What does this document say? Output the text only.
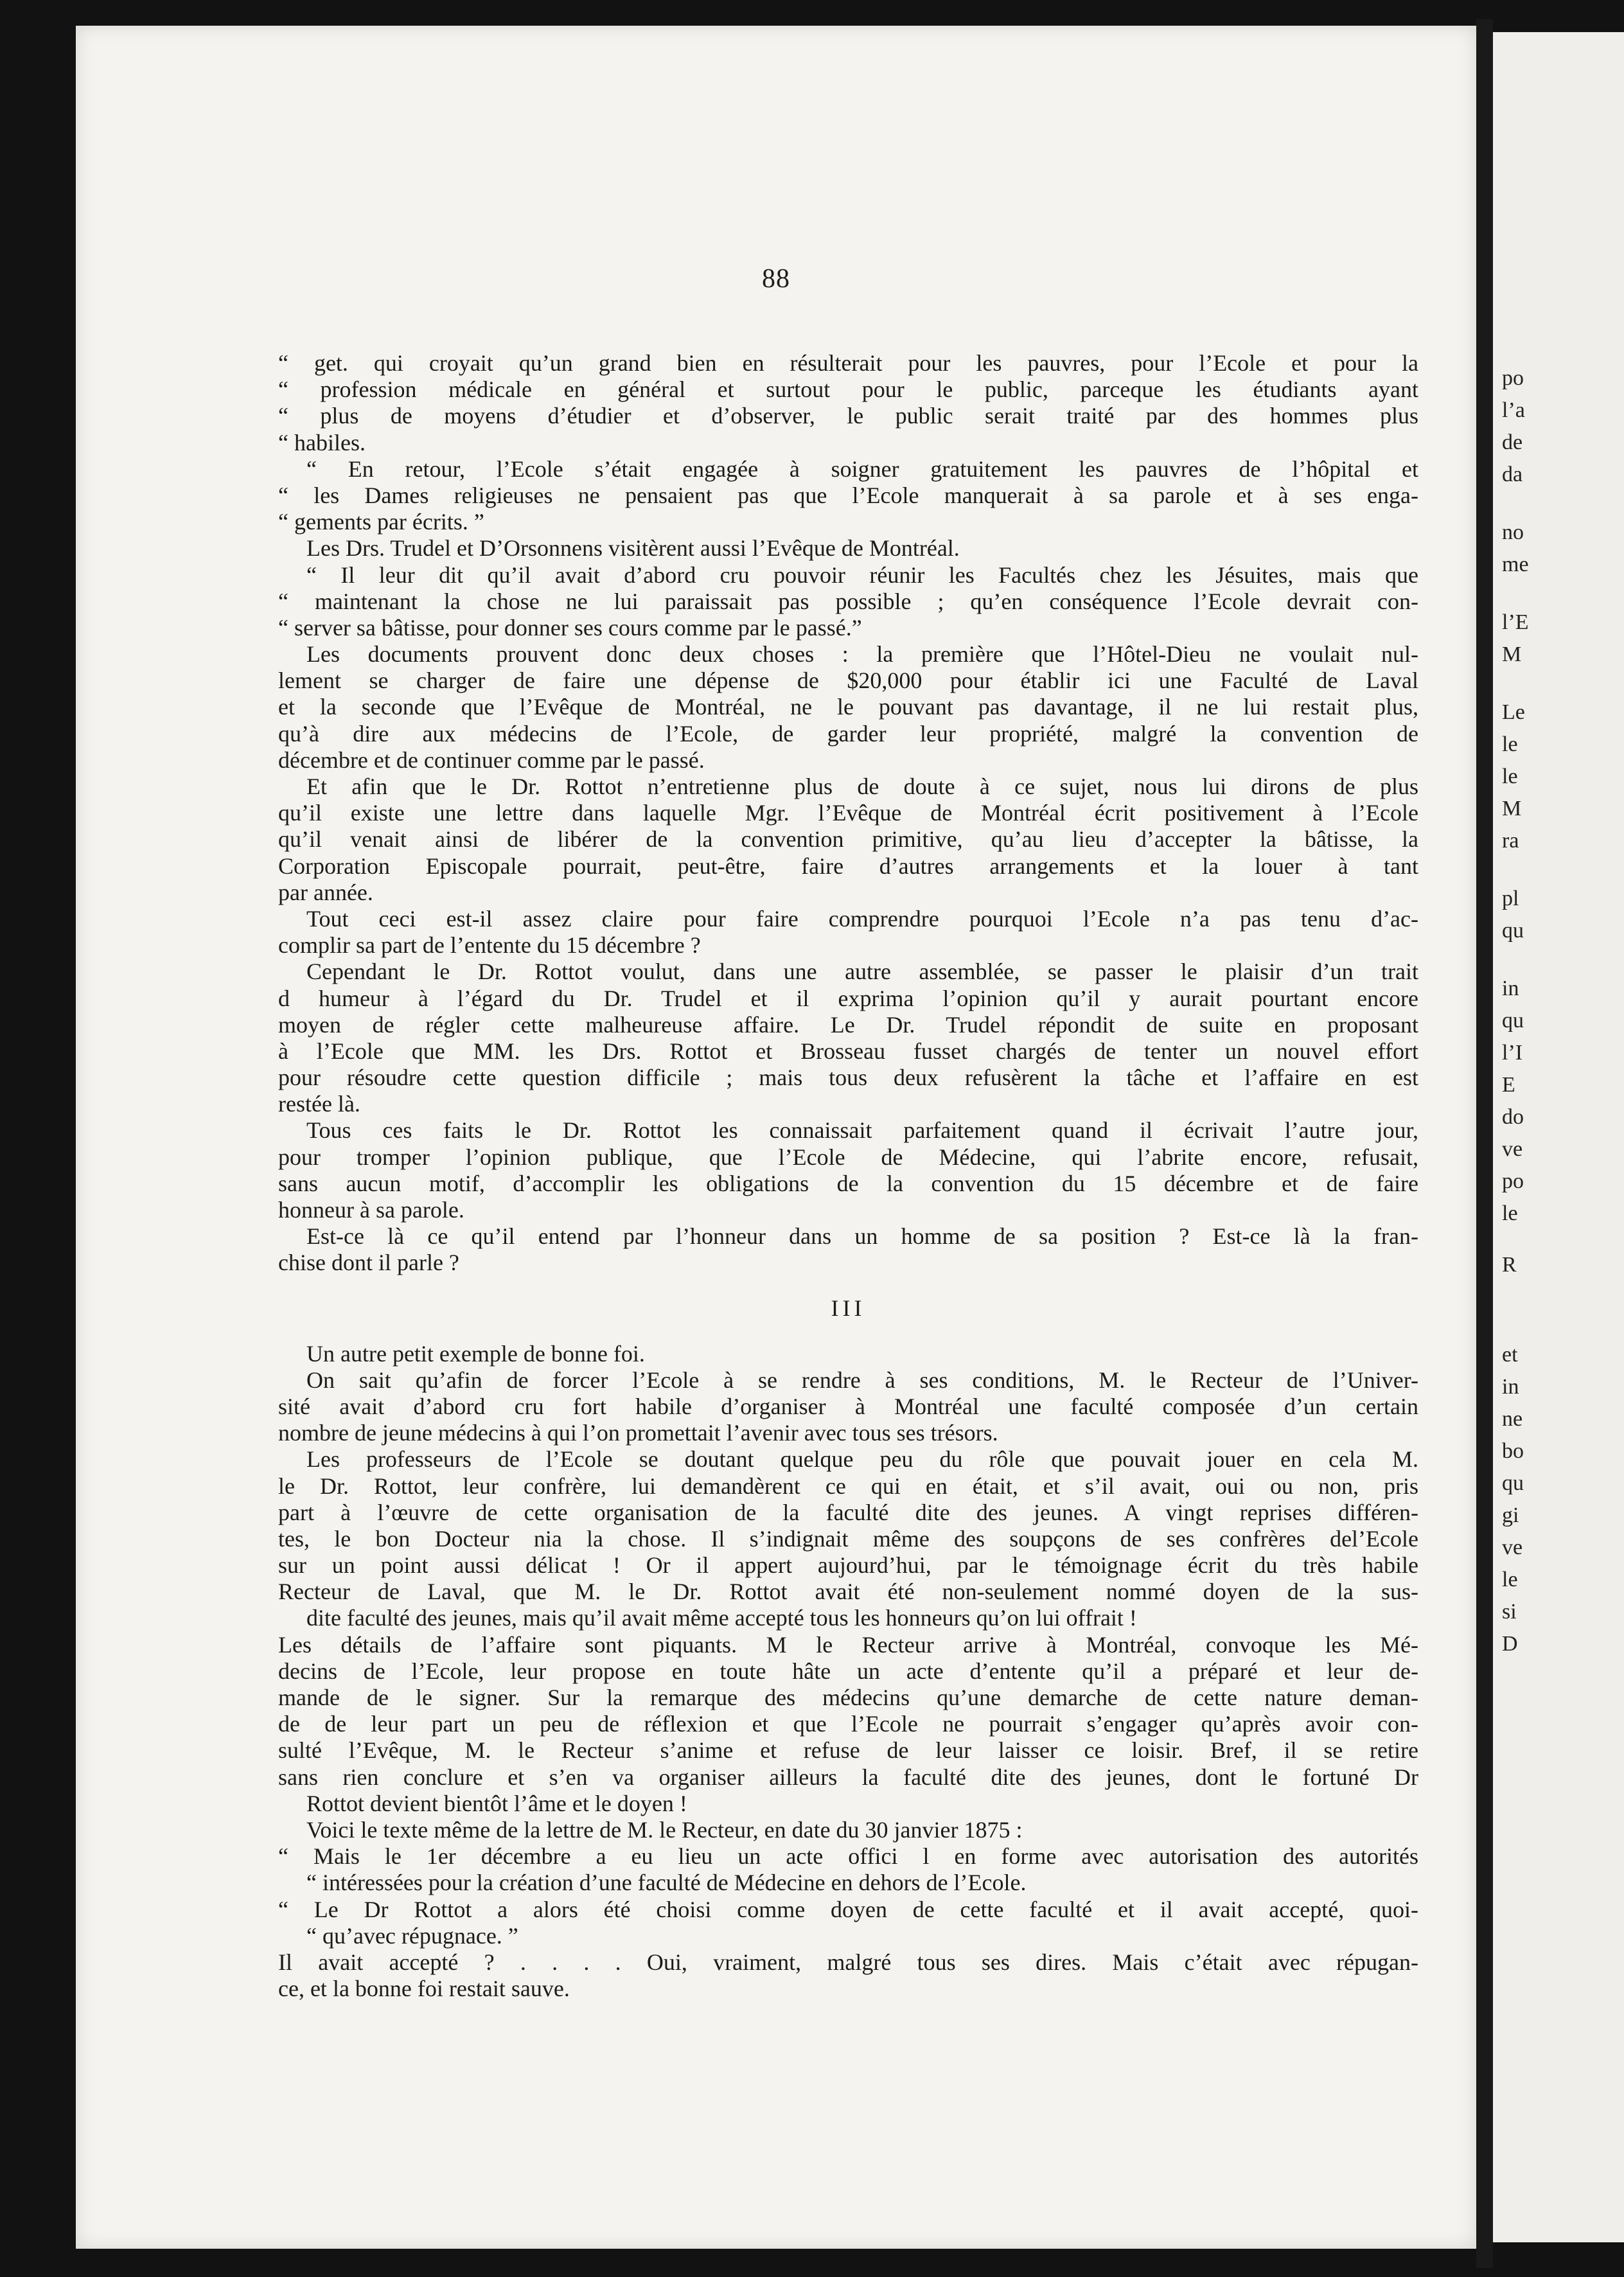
88
“ get. qui croyait qu’un grand bien en résulterait pour les pauvres, pour l’Ecole et pour la
“ profession médicale en général et surtout pour le public, parceque les étudiants ayant
“ plus de moyens d’étudier et d’observer, le public serait traité par des hommes plus
“ habiles.
“ En retour, l’Ecole s’était engagée à soigner gratuitement les pauvres de l’hôpital et
“ les Dames religieuses ne pensaient pas que l’Ecole manquerait à sa parole et à ses enga-
“ gements par écrits. ”
Les Drs. Trudel et D’Orsonnens visitèrent aussi l’Evêque de Montréal.
“ Il leur dit qu’il avait d’abord cru pouvoir réunir les Facultés chez les Jésuites, mais que
“ maintenant la chose ne lui paraissait pas possible ; qu’en conséquence l’Ecole devrait con-
“ server sa bâtisse, pour donner ses cours comme par le passé.”
Les documents prouvent donc deux choses : la première que l’Hôtel-Dieu ne voulait nul-
lement se charger de faire une dépense de $20,000 pour établir ici une Faculté de Laval
et la seconde que l’Evêque de Montréal, ne le pouvant pas davantage, il ne lui restait plus,
qu’à dire aux médecins de l’Ecole, de garder leur propriété, malgré la convention de
décembre et de continuer comme par le passé.
Et afin que le Dr. Rottot n’entretienne plus de doute à ce sujet, nous lui dirons de plus
qu’il existe une lettre dans laquelle Mgr. l’Evêque de Montréal écrit positivement à l’Ecole
qu’il venait ainsi de libérer de la convention primitive, qu’au lieu d’accepter la bâtisse, la
Corporation Episcopale pourrait, peut-être, faire d’autres arrangements et la louer à tant
par année.
Tout ceci est-il assez claire pour faire comprendre pourquoi l’Ecole n’a pas tenu d’ac-
complir sa part de l’entente du 15 décembre ?
Cependant le Dr. Rottot voulut, dans une autre assemblée, se passer le plaisir d’un trait
d humeur à l’égard du Dr. Trudel et il exprima l’opinion qu’il y aurait pourtant encore
moyen de régler cette malheureuse affaire. Le Dr. Trudel répondit de suite en proposant
à l’Ecole que MM. les Drs. Rottot et Brosseau fusset chargés de tenter un nouvel effort
pour résoudre cette question difficile ; mais tous deux refusèrent la tâche et l’affaire en est
restée là.
Tous ces faits le Dr. Rottot les connaissait parfaitement quand il écrivait l’autre jour,
pour tromper l’opinion publique, que l’Ecole de Médecine, qui l’abrite encore, refusait,
sans aucun motif, d’accomplir les obligations de la convention du 15 décembre et de faire
honneur à sa parole.
Est-ce là ce qu’il entend par l’honneur dans un homme de sa position ? Est-ce là la fran-
chise dont il parle ?
III
Un autre petit exemple de bonne foi.
On sait qu’afin de forcer l’Ecole à se rendre à ses conditions, M. le Recteur de l’Univer-
sité avait d’abord cru fort habile d’organiser à Montréal une faculté composée d’un certain
nombre de jeune médecins à qui l’on promettait l’avenir avec tous ses trésors.
Les professeurs de l’Ecole se doutant quelque peu du rôle que pouvait jouer en cela M.
le Dr. Rottot, leur confrère, lui demandèrent ce qui en était, et s’il avait, oui ou non, pris
part à l’œuvre de cette organisation de la faculté dite des jeunes. A vingt reprises différen-
tes, le bon Docteur nia la chose. Il s’indignait même des soupçons de ses confrères del’Ecole
sur un point aussi délicat ! Or il appert aujourd’hui, par le témoignage écrit du très habile
Recteur de Laval, que M. le Dr. Rottot avait été non-seulement nommé doyen de la sus-
dite faculté des jeunes, mais qu’il avait même accepté tous les honneurs qu’on lui offrait !
Les détails de l’affaire sont piquants. M le Recteur arrive à Montréal, convoque les Mé-
decins de l’Ecole, leur propose en toute hâte un acte d’entente qu’il a préparé et leur de-
mande de le signer. Sur la remarque des médecins qu’une demarche de cette nature deman-
de de leur part un peu de réflexion et que l’Ecole ne pourrait s’engager qu’après avoir con-
sulté l’Evêque, M. le Recteur s’anime et refuse de leur laisser ce loisir. Bref, il se retire
sans rien conclure et s’en va organiser ailleurs la faculté dite des jeunes, dont le fortuné Dr
Rottot devient bientôt l’âme et le doyen !
Voici le texte même de la lettre de M. le Recteur, en date du 30 janvier 1875 :
“ Mais le 1er décembre a eu lieu un acte offici l en forme avec autorisation des autorités
“ intéressées pour la création d’une faculté de Médecine en dehors de l’Ecole.
“ Le Dr Rottot a alors été choisi comme doyen de cette faculté et il avait accepté, quoi-
“ qu’avec répugnace. ”
Il avait accepté ? . . . . Oui, vraiment, malgré tous ses dires. Mais c’était avec répugan-
ce, et la bonne foi restait sauve.
po
l’a
de
da
no
me
l’E
M
Le
le
le
M
ra
pl
qu
in
qu
l’I
E
do
ve
po
le
R
et
in
ne
bo
qu
gi
ve
le
si
D
